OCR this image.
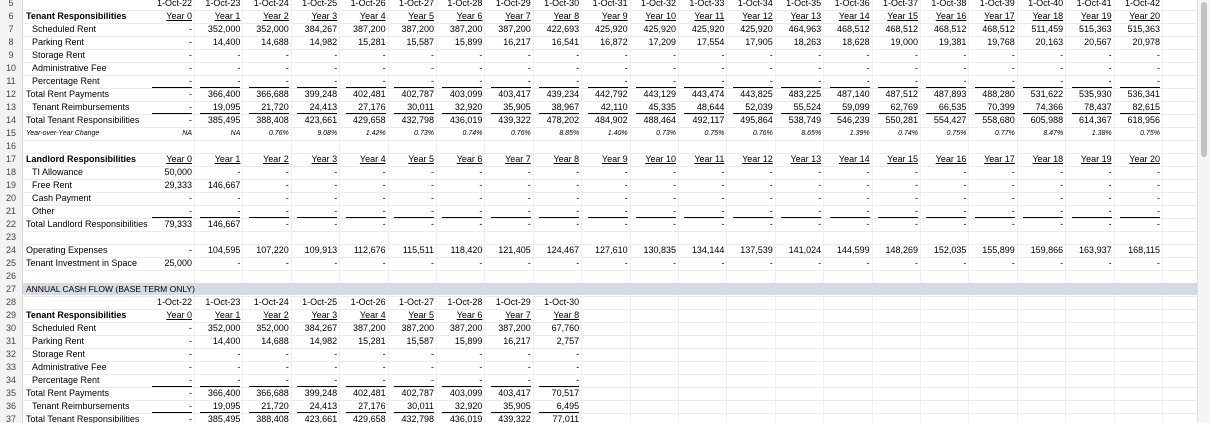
1-Oct-22	1-Oct-23	1-Oct-24	1-Oct-25	1-Oct-26	1-Oct-27	1-Oct-28	1-Oct-29	1-Oct-30	1-Oct-31	1-Oct-32	1-Oct-33	1-Oct-34	1-Oct-35	1-Oct-36	1-Oct-37	1-Oct-38	1-Oct-39	1-Oct-40	1-Oct-41	1-Oct-42
Tenant Responsibilities	Year 0	Year 1	Year 2	Year 3	Year 4	Year 5	Year 6	Year 7	Year 8	Year 9	Year 10	Year 11	Year 12	Year 13	Year 14	Year 15	Year 16	Year 17	Year 18	Year 19	Year 20
Scheduled Rent	-	352,000	352,000	384,267	387,200	387,200	387,200	387,200	422,693	425,920	425,920	425,920	425,920	464,963	468,512	468,512	468,512	468,512	511,459	515,363	515,363
Parking Rent	-	14,400	14,688	14,982	15,281	15,587	15,899	16,217	16,541	16,872	17,209	17,554	17,905	18,263	18,628	19,000	19,381	19,768	20,163	20,567	20,978
Storage Rent	-	-	-	-	-	-	-	-	-	-	-	-	-	-	-	-	-	-	-	-	-
Administrative Fee	-	-	-	-	-	-	-	-	-	-	-	-	-	-	-	-	-	-	-	-	-
Percentage Rent	-	-	-	-	-	-	-	-	-	-	-	-	-	-	-	-	-	-	-	-	-
Total Rent Payments	-	366,400	366,688	399,248	402,481	402,787	403,099	403,417	439,234	442,792	443,129	443,474	443,825	483,225	487,140	487,512	487,893	488,280	531,622	535,930	536,341
Tenant Reimbursements	-	19,095	21,720	24,413	27,176	30,011	32,920	35,905	38,967	42,110	45,335	48,644	52,039	55,524	59,099	62,769	66,535	70,399	74,366	78,437	82,615
Total Tenant Responsibilities	-	385,495	388,408	423,661	429,658	432,798	436,019	439,322	478,202	484,902	488,464	492,117	495,864	538,749	546,239	550,281	554,427	558,680	605,988	614,367	618,956
Year-over-Year Change	NA	NA	0.76%	9.08%	1.42%	0.73%	0.74%	0.76%	8.85%	1.40%	0.73%	0.75%	0.76%	8.65%	1.39%	0.74%	0.75%	0.77%	8.47%	1.38%	0.75%
Landlord Responsibilities	Year 0	Year 1	Year 2	Year 3	Year 4	Year 5	Year 6	Year 7	Year 8	Year 9	Year 10	Year 11	Year 12	Year 13	Year 14	Year 15	Year 16	Year 17	Year 18	Year 19	Year 20
TI Allowance	50,000	-	-	-	-	-	-	-	-	-	-	-	-	-	-	-	-	-	-	-	-
Free Rent	29,333	146,667	-	-	-	-	-	-	-	-	-	-	-	-	-	-	-	-	-	-	-
Cash Payment	-	-	-	-	-	-	-	-	-	-	-	-	-	-	-	-	-	-	-	-	-
Other	-	-	-	-	-	-	-	-	-	-	-	-	-	-	-	-	-	-	-	-	-
Total Landlord Responsibilities	79,333	146,667	-	-	-	-	-	-	-	-	-	-	-	-	-	-	-	-	-	-	-
Operating Expenses	-	104,595	107,220	109,913	112,676	115,511	118,420	121,405	124,467	127,610	130,835	134,144	137,539	141,024	144,599	148,269	152,035	155,899	159,866	163,937	168,115
Tenant Investment in Space	25,000	-	-	-	-	-	-	-	-	-	-	-	-	-	-	-	-	-	-	-	-
ANNUAL CASH FLOW (BASE TERM ONLY)
1-Oct-22	1-Oct-23	1-Oct-24	1-Oct-25	1-Oct-26	1-Oct-27	1-Oct-28	1-Oct-29	1-Oct-30
Tenant Responsibilities	Year 0	Year 1	Year 2	Year 3	Year 4	Year 5	Year 6	Year 7	Year 8
Scheduled Rent	-	352,000	352,000	384,267	387,200	387,200	387,200	387,200	67,760
Parking Rent	-	14,400	14,688	14,982	15,281	15,587	15,899	16,217	2,757
Storage Rent	-	-	-	-	-	-	-	-	-
Administrative Fee	-	-	-	-	-	-	-	-	-
Percentage Rent	-	-	-	-	-	-	-	-	-
Total Rent Payments	-	366,400	366,688	399,248	402,481	402,787	403,099	403,417	70,517
Tenant Reimbursements	-	19,095	21,720	24,413	27,176	30,011	32,920	35,905	6,495
Total Tenant Responsibilities	-	385,495	388,408	423,661	429,658	432,798	436,019	439,322	77,011
5
6
7
8
9
10
11
12
13
14
15
16
17
18
19
20
21
22
23
24
25
26
27
28
29
30
31
32
33
34
35
36
37
